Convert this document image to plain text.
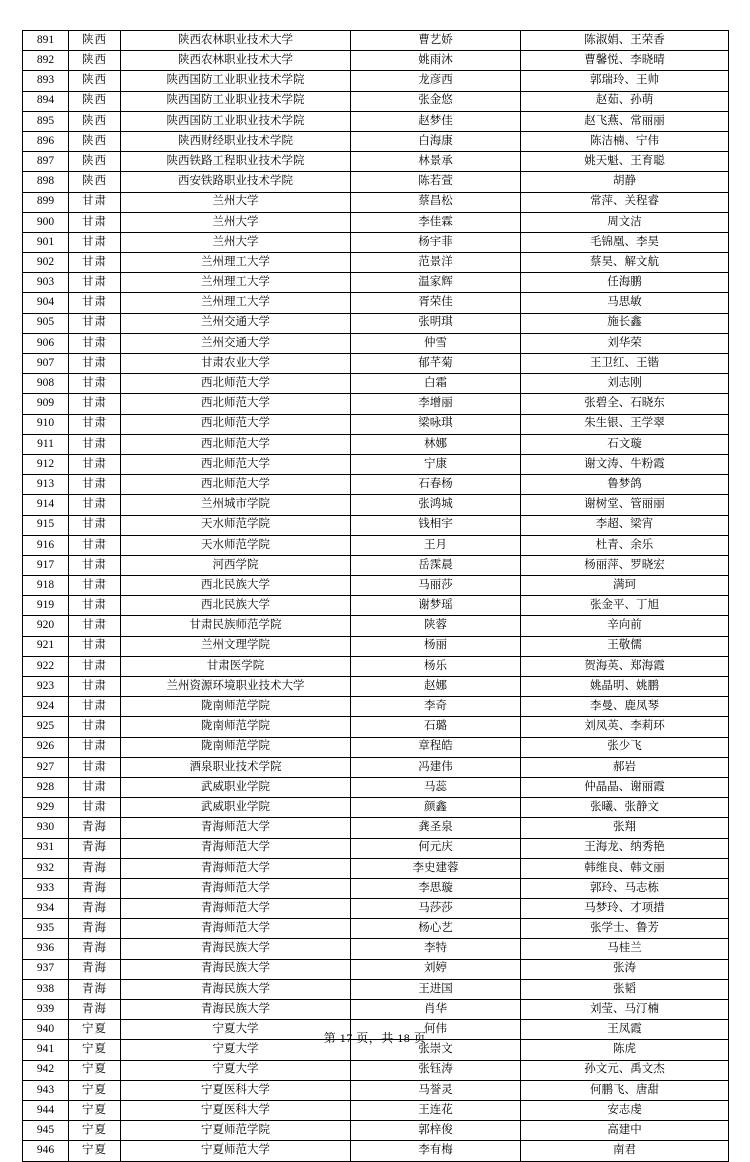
891	陕西	陕西农林职业技术大学	曹艺娇	陈淑娟、王荣香
892	陕西	陕西农林职业技术大学	姚雨沐	曹馨悦、李晓晴
893	陕西	陕西国防工业职业技术学院	龙彦西	郭瑞玲、王帅
894	陕西	陕西国防工业职业技术学院	张金悠	赵茹、孙萌
895	陕西	陕西国防工业职业技术学院	赵梦佳	赵飞燕、常丽丽
896	陕西	陕西财经职业技术学院	白海康	陈洁楠、宁伟
897	陕西	陕西铁路工程职业技术学院	林景承	姚天魁、王育聪
898	陕西	西安铁路职业技术学院	陈若萱	胡静
899	甘肃	兰州大学	蔡昌松	常萍、关程睿
900	甘肃	兰州大学	李佳霖	周文洁
901	甘肃	兰州大学	杨宇菲	毛锦凰、李昊
902	甘肃	兰州理工大学	范景洋	蔡昊、解文航
903	甘肃	兰州理工大学	温家辉	任海鹏
904	甘肃	兰州理工大学	胥荣佳	马思敏
905	甘肃	兰州交通大学	张明琪	施长鑫
906	甘肃	兰州交通大学	仲雪	刘华荣
907	甘肃	甘肃农业大学	郁芊菊	王卫红、王锴
908	甘肃	西北师范大学	白霜	刘志刚
909	甘肃	西北师范大学	李增丽	张碧全、石晓东
910	甘肃	西北师范大学	梁咏琪	朱生银、王学翠
911	甘肃	西北师范大学	林娜	石文璇
912	甘肃	西北师范大学	宁康	谢文涛、牛粉霞
913	甘肃	西北师范大学	石春杨	鲁梦鸽
914	甘肃	兰州城市学院	张鸿城	谢树堂、管丽丽
915	甘肃	天水师范学院	钱相宇	李超、梁宵
916	甘肃	天水师范学院	王月	杜青、余乐
917	甘肃	河西学院	岳霂晨	杨丽萍、罗晓宏
918	甘肃	西北民族大学	马丽莎	满珂
919	甘肃	西北民族大学	谢梦瑶	张金平、丁旭
920	甘肃	甘肃民族师范学院	陕蓉	辛向前
921	甘肃	兰州文理学院	杨丽	王敬儒
922	甘肃	甘肃医学院	杨乐	贺海英、郑海霞
923	甘肃	兰州资源环境职业技术大学	赵娜	姚晶明、姚鹏
924	甘肃	陇南师范学院	李奇	李曼、鹿凤琴
925	甘肃	陇南师范学院	石璐	刘凤英、李莉环
926	甘肃	陇南师范学院	章程皓	张少飞
927	甘肃	酒泉职业技术学院	冯建伟	郝岩
928	甘肃	武威职业学院	马蕊	仲晶晶、谢丽霞
929	甘肃	武威职业学院	颜鑫	张曦、张静文
930	青海	青海师范大学	龚圣泉	张翔
931	青海	青海师范大学	何元庆	王海龙、纳秀艳
932	青海	青海师范大学	李史建蓉	韩维良、韩文丽
933	青海	青海师范大学	李思璇	郭玲、马志栋
934	青海	青海师范大学	马莎莎	马梦玲、才项措
935	青海	青海师范大学	杨心艺	张学士、鲁芳
936	青海	青海民族大学	李特	马桂兰
937	青海	青海民族大学	刘婷	张涛
938	青海	青海民族大学	王进国	张韬
939	青海	青海民族大学	肖华	刘莹、马汀楠
940	宁夏	宁夏大学	何伟	王凤霞
941	宁夏	宁夏大学	张崇文	陈虎
942	宁夏	宁夏大学	张钰涛	孙文元、禹文杰
943	宁夏	宁夏医科大学	马誉灵	何鹏飞、唐甜
944	宁夏	宁夏医科大学	王连花	安志虔
945	宁夏	宁夏师范学院	郭梓俊	高建中
946	宁夏	宁夏师范大学	李有梅	南君
第 17 页，共 18 页
